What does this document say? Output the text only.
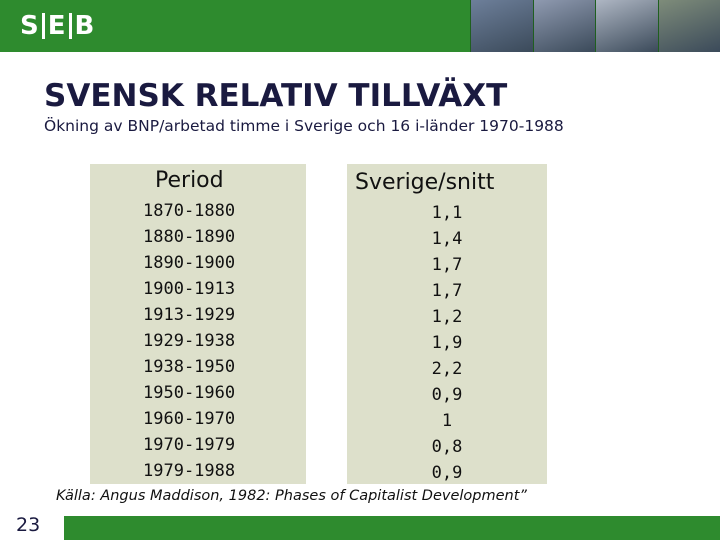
S E B
SVENSK RELATIV TILLVÄXT
Ökning av BNP/arbetad timme i Sverige och 16 i-länder 1970-1988
Period	Sverige/snitt
1870-1880
1880-1890
1890-1900
1900-1913
1913-1929
1929-1938
1938-1950
1950-1960
1960-1970
1970-1979
1979-1988
1,1
1,4
1,7
1,7
1,2
1,9
2,2
0,9
1
0,8
0,9
Källa: Angus Maddison, 1982: Phases of Capitalist Development”
23
